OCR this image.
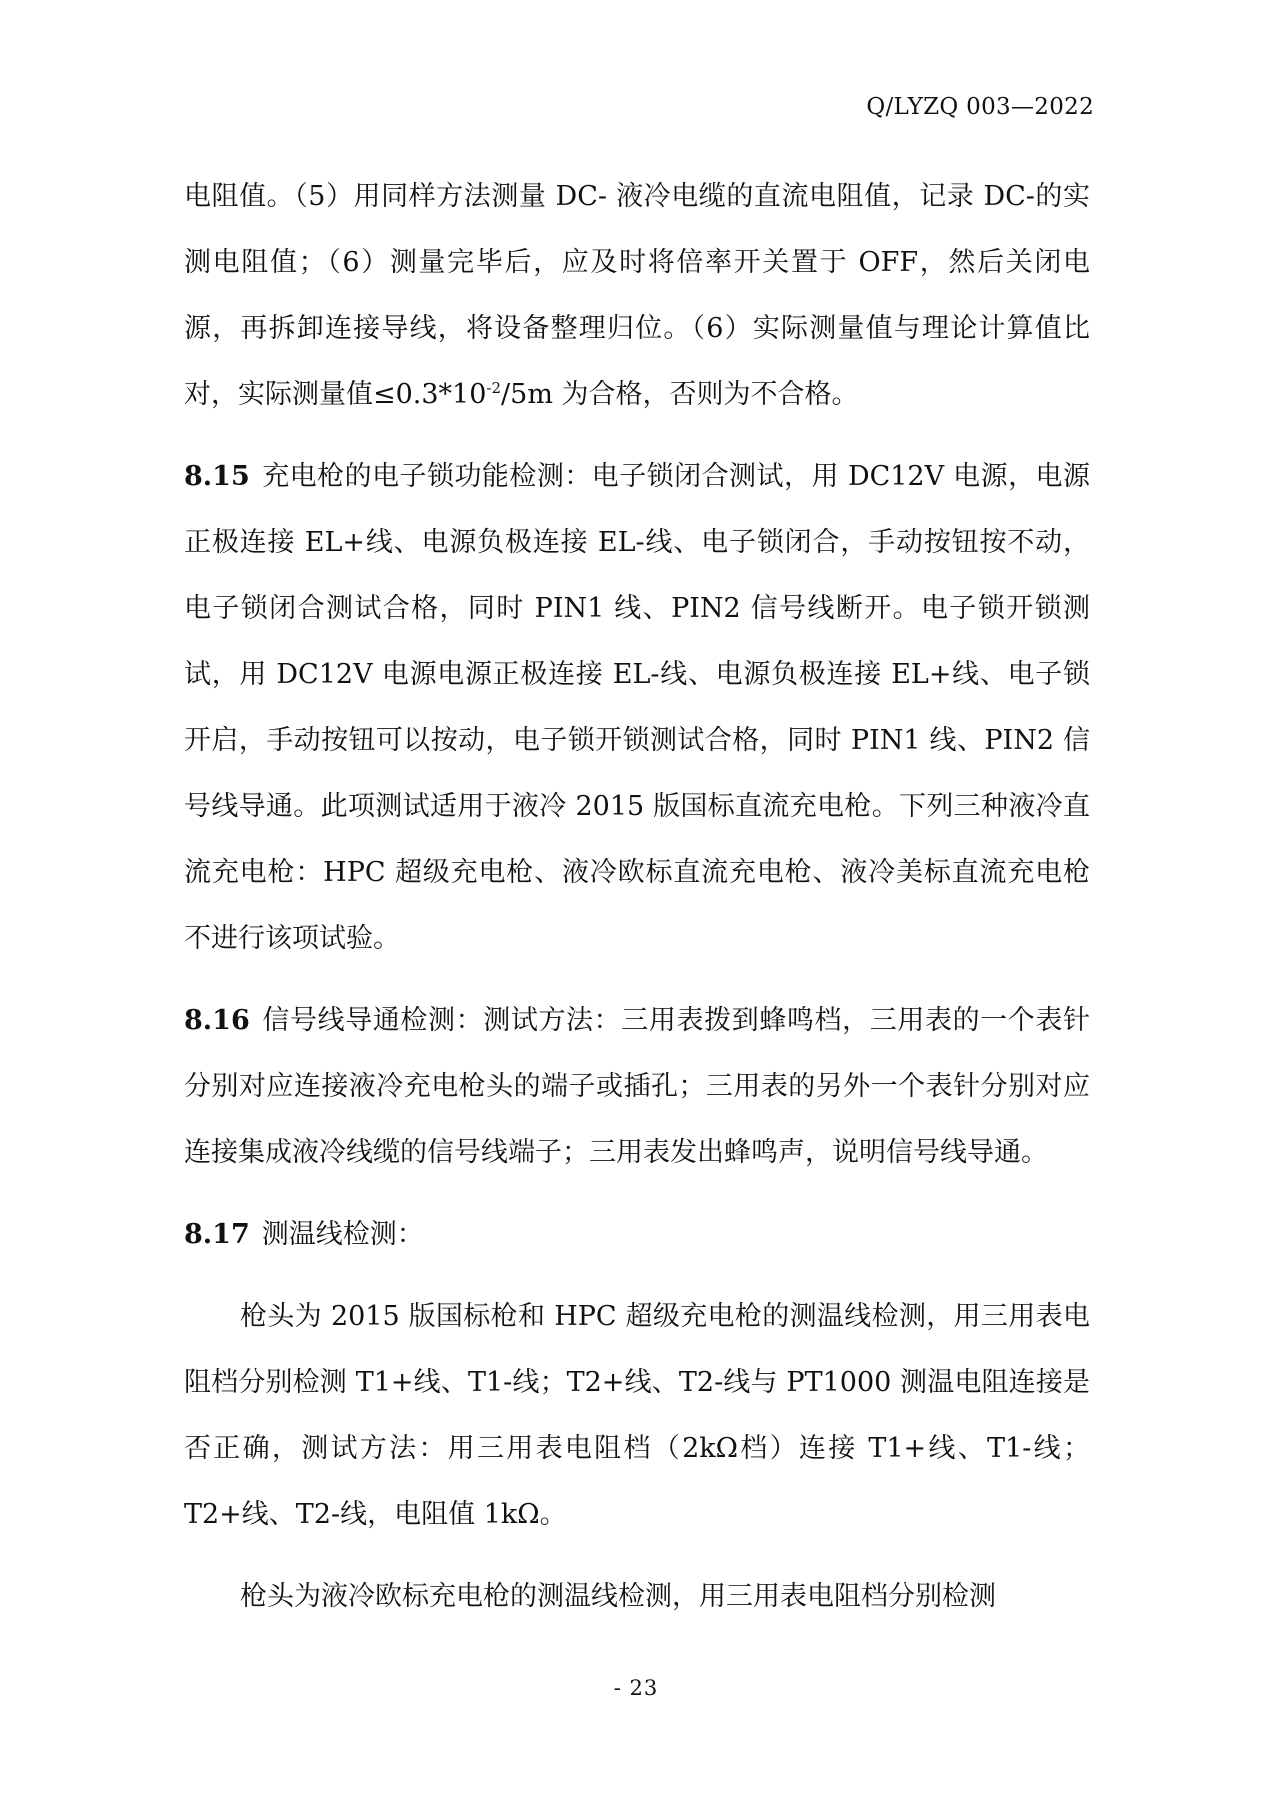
Q/LYZQ 003—2022

电阻值。（5）用同样方法测量 DC- 液冷电缆的直流电阻值，记录 DC-的实测电阻值；（6）测量完毕后，应及时将倍率开关置于 OFF，然后关闭电源，再拆卸连接导线，将设备整理归位。（6）实际测量值与理论计算值比对，实际测量值$\le 0.3*10^{-2}/5m$ 为合格，否则为不合格。

8.15 充电枪的电子锁功能检测：电子锁闭合测试，用 DC12V 电源，电源正极连接 EL+线、电源负极连接 EL-线、电子锁闭合，手动按钮按不动，电子锁闭合测试合格，同时 PIN1 线、PIN2 信号线断开。电子锁开锁测试，用 DC12V 电源电源正极连接 EL-线、电源负极连接 EL+线、电子锁开启，手动按钮可以按动，电子锁开锁测试合格，同时 PIN1 线、PIN2 信号线导通。此项测试适用于液冷 2015 版国标直流充电枪。下列三种液冷直流充电枪：HPC 超级充电枪、液冷欧标直流充电枪、液冷美标直流充电枪不进行该项试验。

8.16 信号线导通检测：测试方法：三用表拨到蜂鸣档，三用表的一个表针分别对应连接液冷充电枪头的端子或插孔；三用表的另外一个表针分别对应连接集成液冷线缆的信号线端子；三用表发出蜂鸣声，说明信号线导通。

8.17 测温线检测：

枪头为 2015 版国标枪和 HPC 超级充电枪的测温线检测，用三用表电阻档分别检测 T1+线、T1-线；T2+线、T2-线与 PT1000 测温电阻连接是否正确，测试方法：用三用表电阻档（2kΩ档）连接 T1+线、T1-线；T2+线、T2-线，电阻值 1kΩ。

枪头为液冷欧标充电枪的测温线检测，用三用表电阻档分别检测

- 23
